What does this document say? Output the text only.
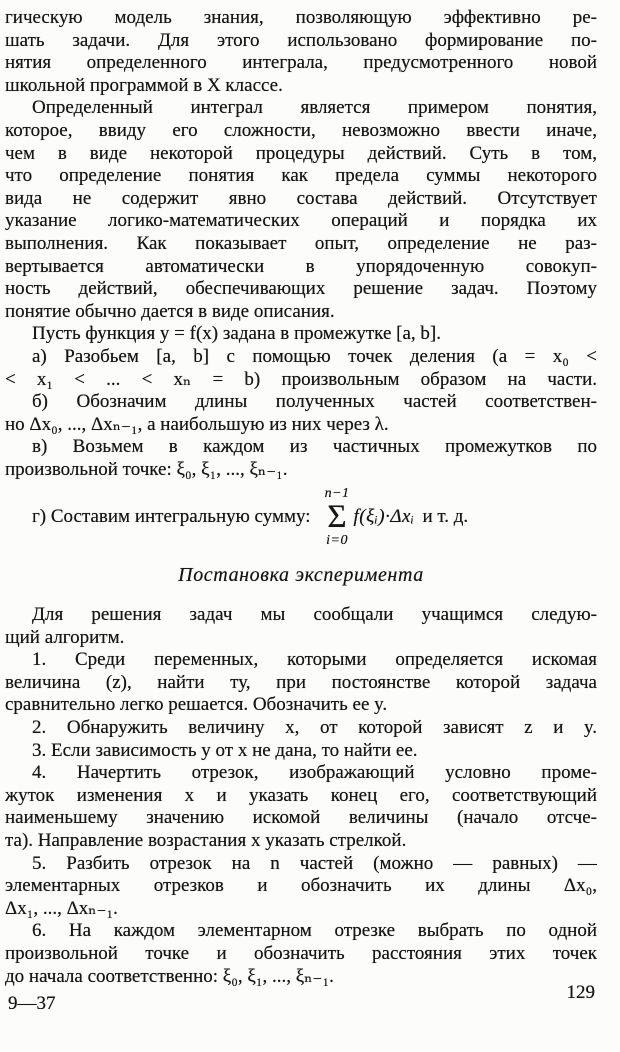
гическую модель знания, позволяющую эффективно ре-
шать задачи. Для этого использовано формирование по-
нятия определенного интеграла, предусмотренного новой
школьной программой в X классе.
Определенный интеграл является примером понятия,
которое, ввиду его сложности, невозможно ввести иначе,
чем в виде некоторой процедуры действий. Суть в том,
что определение понятия как предела суммы некоторого
вида не содержит явно состава действий. Отсутствует
указание логико-математических операций и порядка их
выполнения. Как показывает опыт, определение не раз-
вертывается автоматически в упорядоченную совокуп-
ность действий, обеспечивающих решение задач. Поэтому
понятие обычно дается в виде описания.
Пусть функция y = f(x) задана в промежутке [a, b].
а) Разобьем [a, b] с помощью точек деления (a = x₀ <
< x₁ < ... < xₙ = b) произвольным образом на части.
б) Обозначим длины полученных частей соответствен-
но Δx₀, ..., Δxₙ₋₁, а наибольшую из них через λ.
в) Возьмем в каждом из частичных промежутков по
произвольной точке: ξ₀, ξ₁, ..., ξₙ₋₁.
г) Составим интегральную сумму:
n−1
Σ
i=0
f(ξᵢ)·Δxᵢ и т. д.
Постановка эксперимента
Для решения задач мы сообщали учащимся следую-
щий алгоритм.
1. Среди переменных, которыми определяется искомая
величина (z), найти ту, при постоянстве которой задача
сравнительно легко решается. Обозначить ее y.
2. Обнаружить величину x, от которой зависят z и y.
3. Если зависимость y от x не дана, то найти ее.
4. Начертить отрезок, изображающий условно проме-
жуток изменения x и указать конец его, соответствующий
наименьшему значению искомой величины (начало отсче-
та). Направление возрастания x указать стрелкой.
5. Разбить отрезок на n частей (можно — равных) —
элементарных отрезков и обозначить их длины Δx₀,
Δx₁, ..., Δxₙ₋₁.
6. На каждом элементарном отрезке выбрать по одной
произвольной точке и обозначить расстояния этих точек
до начала соответственно: ξ₀, ξ₁, ..., ξₙ₋₁.
9—37
129
